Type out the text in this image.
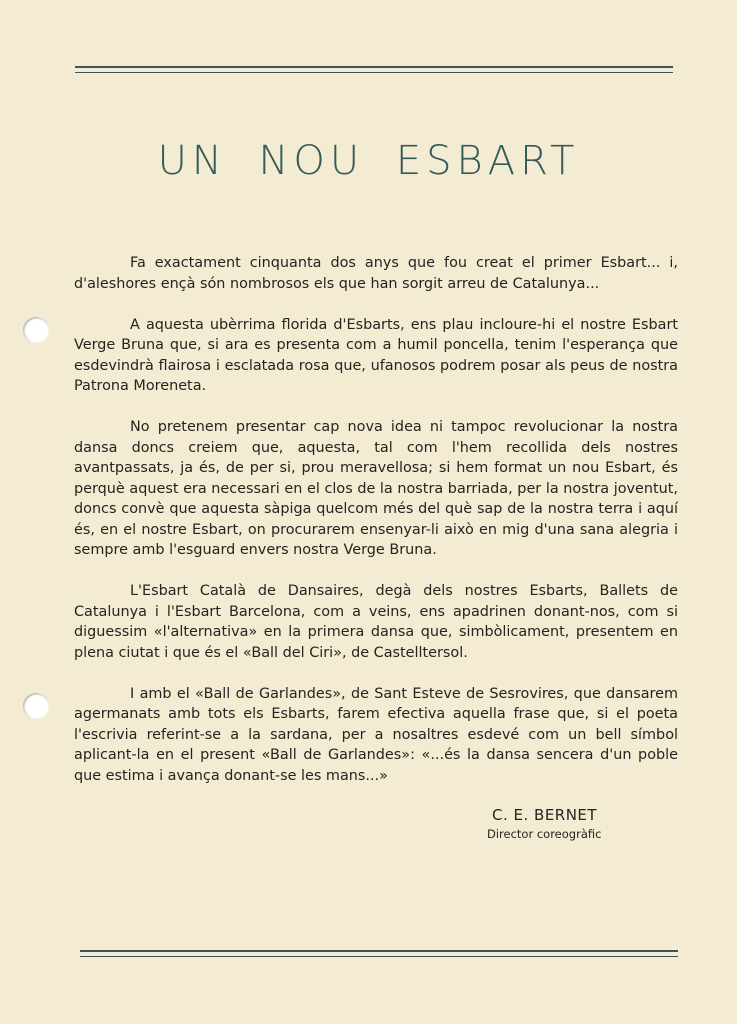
UN NOU ESBART

Fa exactament cinquanta dos anys que fou creat el primer Esbart... i, d'aleshores ençà són nombrosos els que han sorgit arreu de Catalunya...

A aquesta ubèrrima florida d'Esbarts, ens plau incloure-hi el nostre Esbart Verge Bruna que, si ara es presenta com a humil poncella, tenim l'esperança que esdevindrà flairosa i esclatada rosa que, ufanosos podrem posar als peus de nostra Patrona Moreneta.

No pretenem presentar cap nova idea ni tampoc revolucionar la nostra dansa doncs creiem que, aquesta, tal com l'hem recollida dels nostres avantpassats, ja és, de per si, prou meravellosa; si hem format un nou Esbart, és perquè aquest era necessari en el clos de la nostra barriada, per la nostra joventut, doncs convè que aquesta sàpiga quelcom més del què sap de la nostra terra i aquí és, en el nostre Esbart, on procurarem ensenyar-li això en mig d'una sana alegria i sempre amb l'esguard envers nostra Verge Bruna.

L'Esbart Català de Dansaires, degà dels nostres Esbarts, Ballets de Catalunya i l'Esbart Barcelona, com a veins, ens apadrinen donant-nos, com si diguessim «l'alternativa» en la primera dansa que, simbòlicament, presentem en plena ciutat i que és el «Ball del Ciri», de Castelltersol.

I amb el «Ball de Garlandes», de Sant Esteve de Sesrovires, que dansarem agermanats amb tots els Esbarts, farem efectiva aquella frase que, si el poeta l'escrivia referint-se a la sardana, per a nosaltres esdevé com un bell símbol aplicant-la en el present «Ball de Garlandes»: «...és la dansa sencera d'un poble que estima i avança donant-se les mans...»

C. E. BERNET
Director coreogràfic
